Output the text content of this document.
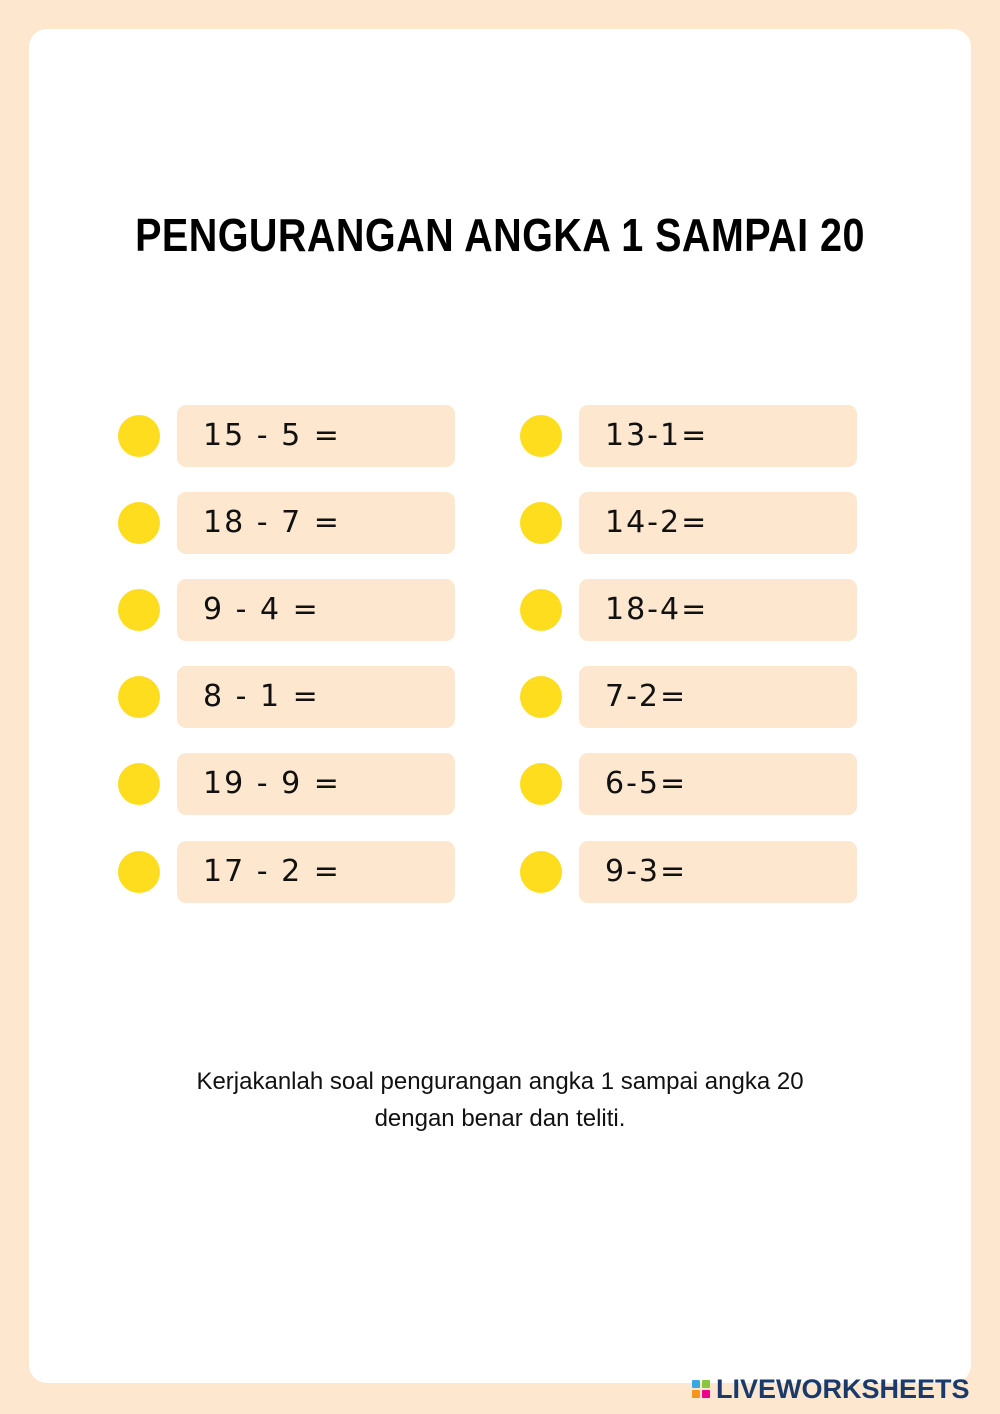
PENGURANGAN ANGKA 1 SAMPAI 20
15 - 5 =
18 - 7 =
9 - 4 =
8 - 1 =
19 - 9 =
17 - 2 =
13-1=
14-2=
18-4=
7-2=
6-5=
9-3=

Kerjakanlah soal pengurangan angka 1 sampai angka 20
dengan benar dan teliti.

LIVEWORKSHEETS
